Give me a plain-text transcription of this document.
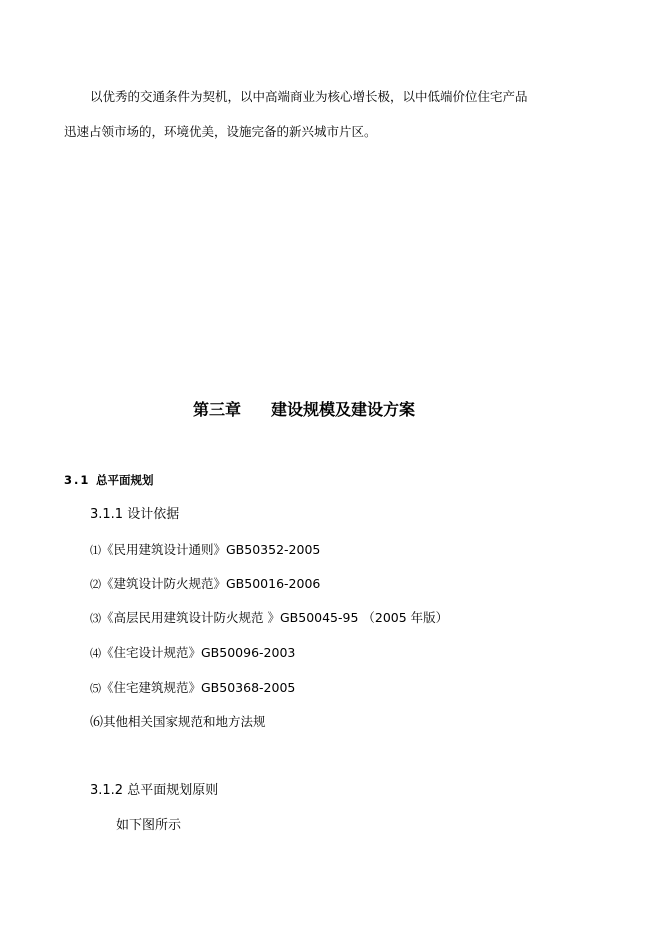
以优秀的交通条件为契机，以中高端商业为核心增长极，以中低端价位住宅产品
迅速占领市场的，环境优美，设施完备的新兴城市片区。
第三章 建设规模及建设方案
3.1 总平面规划
3.1.1 设计依据
⑴《民用建筑设计通则》GB50352-2005
⑵《建筑设计防火规范》GB50016-2006
⑶《高层民用建筑设计防火规范 》GB50045-95 （2005 年版）
⑷《住宅设计规范》GB50096-2003
⑸《住宅建筑规范》GB50368-2005
⑹其他相关国家规范和地方法规
3.1.2 总平面规划原则
如下图所示
